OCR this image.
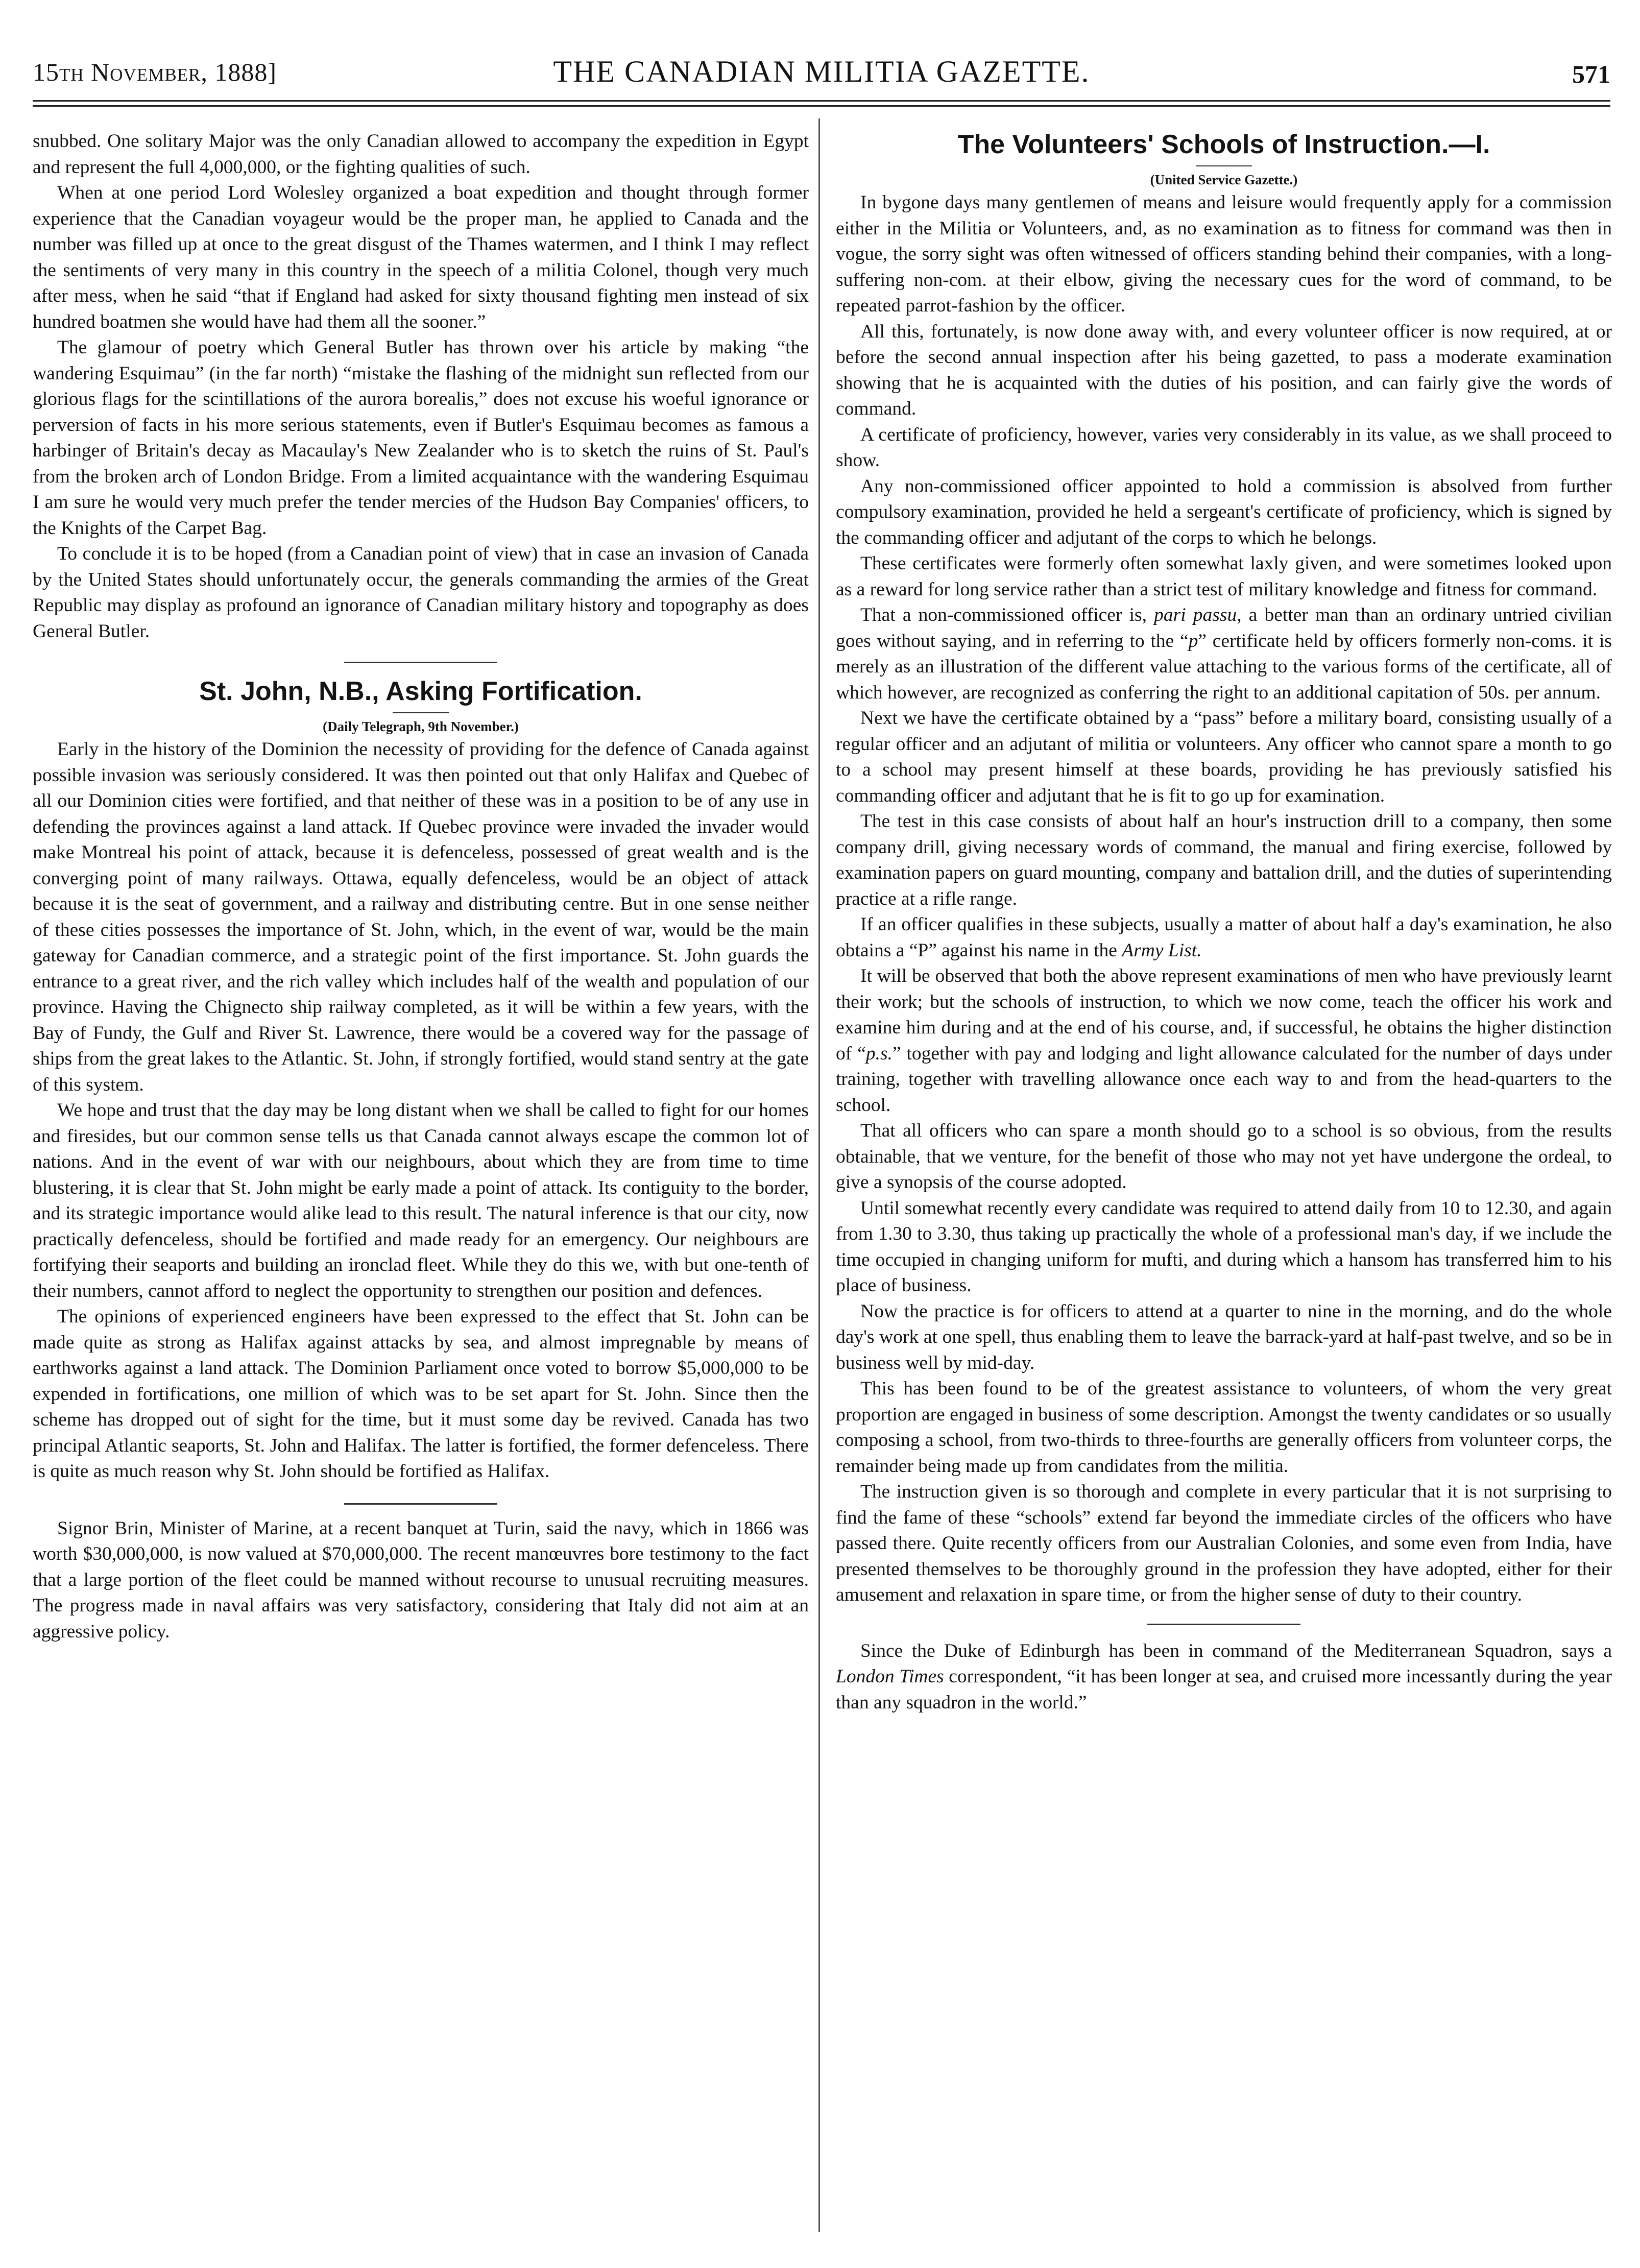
15th November, 1888]	THE CANADIAN MILITIA GAZETTE.	571

snubbed. One solitary Major was the only Canadian allowed to accompany the expedition in Egypt and represent the full 4,000,000, or the fighting qualities of such.

When at one period Lord Wolesley organized a boat expedition and thought through former experience that the Canadian voyageur would be the proper man, he applied to Canada and the number was filled up at once to the great disgust of the Thames watermen, and I think I may reflect the sentiments of very many in this country in the speech of a militia Colonel, though very much after mess, when he said “that if England had asked for sixty thousand fighting men instead of six hundred boatmen she would have had them all the sooner.”

The glamour of poetry which General Butler has thrown over his article by making “the wandering Esquimau” (in the far north) “mistake the flashing of the midnight sun reflected from our glorious flags for the scintillations of the aurora borealis,” does not excuse his woeful ignorance or perversion of facts in his more serious statements, even if Butler's Esquimau becomes as famous a harbinger of Britain's decay as Macaulay's New Zealander who is to sketch the ruins of St. Paul's from the broken arch of London Bridge. From a limited acquaintance with the wandering Esquimau I am sure he would very much prefer the tender mercies of the Hudson Bay Companies' officers, to the Knights of the Carpet Bag.

To conclude it is to be hoped (from a Canadian point of view) that in case an invasion of Canada by the United States should unfortunately occur, the generals commanding the armies of the Great Republic may display as profound an ignorance of Canadian military history and topography as does General Butler.

St. John, N.B., Asking Fortification.
(Daily Telegraph, 9th November.)

Early in the history of the Dominion the necessity of providing for the defence of Canada against possible invasion was seriously considered. It was then pointed out that only Halifax and Quebec of all our Dominion cities were fortified, and that neither of these was in a position to be of any use in defending the provinces against a land attack. If Quebec province were invaded the invader would make Montreal his point of attack, because it is defenceless, possessed of great wealth and is the converging point of many railways. Ottawa, equally defenceless, would be an object of attack because it is the seat of government, and a railway and distributing centre. But in one sense neither of these cities possesses the importance of St. John, which, in the event of war, would be the main gateway for Canadian commerce, and a strategic point of the first importance. St. John guards the entrance to a great river, and the rich valley which includes half of the wealth and population of our province. Having the Chignecto ship railway completed, as it will be within a few years, with the Bay of Fundy, the Gulf and River St. Lawrence, there would be a covered way for the passage of ships from the great lakes to the Atlantic. St. John, if strongly fortified, would stand sentry at the gate of this system.

We hope and trust that the day may be long distant when we shall be called to fight for our homes and firesides, but our common sense tells us that Canada cannot always escape the common lot of nations. And in the event of war with our neighbours, about which they are from time to time blustering, it is clear that St. John might be early made a point of attack. Its contiguity to the border, and its strategic importance would alike lead to this result. The natural inference is that our city, now practically defenceless, should be fortified and made ready for an emergency. Our neighbours are fortifying their seaports and building an ironclad fleet. While they do this we, with but one-tenth of their numbers, cannot afford to neglect the opportunity to strengthen our position and defences.

The opinions of experienced engineers have been expressed to the effect that St. John can be made quite as strong as Halifax against attacks by sea, and almost impregnable by means of earthworks against a land attack. The Dominion Parliament once voted to borrow $5,000,000 to be expended in fortifications, one million of which was to be set apart for St. John. Since then the scheme has dropped out of sight for the time, but it must some day be revived. Canada has two principal Atlantic seaports, St. John and Halifax. The latter is fortified, the former defenceless. There is quite as much reason why St. John should be fortified as Halifax.

Signor Brin, Minister of Marine, at a recent banquet at Turin, said the navy, which in 1866 was worth $30,000,000, is now valued at $70,000,000. The recent manœuvres bore testimony to the fact that a large portion of the fleet could be manned without recourse to unusual recruiting measures. The progress made in naval affairs was very satisfactory, considering that Italy did not aim at an aggressive policy.

The Volunteers' Schools of Instruction.—I.
(United Service Gazette.)

In bygone days many gentlemen of means and leisure would frequently apply for a commission either in the Militia or Volunteers, and, as no examination as to fitness for command was then in vogue, the sorry sight was often witnessed of officers standing behind their companies, with a long-suffering non-com. at their elbow, giving the necessary cues for the word of command, to be repeated parrot-fashion by the officer.

All this, fortunately, is now done away with, and every volunteer officer is now required, at or before the second annual inspection after his being gazetted, to pass a moderate examination showing that he is acquainted with the duties of his position, and can fairly give the words of command.

A certificate of proficiency, however, varies very considerably in its value, as we shall proceed to show.

Any non-commissioned officer appointed to hold a commission is absolved from further compulsory examination, provided he held a sergeant's certificate of proficiency, which is signed by the commanding officer and adjutant of the corps to which he belongs.

These certificates were formerly often somewhat laxly given, and were sometimes looked upon as a reward for long service rather than a strict test of military knowledge and fitness for command.

That a non-commissioned officer is, pari passu, a better man than an ordinary untried civilian goes without saying, and in referring to the “p” certificate held by officers formerly non-coms. it is merely as an illustration of the different value attaching to the various forms of the certificate, all of which however, are recognized as conferring the right to an additional capitation of 50s. per annum.

Next we have the certificate obtained by a “pass” before a military board, consisting usually of a regular officer and an adjutant of militia or volunteers. Any officer who cannot spare a month to go to a school may present himself at these boards, providing he has previously satisfied his commanding officer and adjutant that he is fit to go up for examination.

The test in this case consists of about half an hour's instruction drill to a company, then some company drill, giving necessary words of command, the manual and firing exercise, followed by examination papers on guard mounting, company and battalion drill, and the duties of superintending practice at a rifle range.

If an officer qualifies in these subjects, usually a matter of about half a day's examination, he also obtains a “P” against his name in the Army List.

It will be observed that both the above represent examinations of men who have previously learnt their work; but the schools of instruction, to which we now come, teach the officer his work and examine him during and at the end of his course, and, if successful, he obtains the higher distinction of “p.s.” together with pay and lodging and light allowance calculated for the number of days under training, together with travelling allowance once each way to and from the head-quarters to the school.

That all officers who can spare a month should go to a school is so obvious, from the results obtainable, that we venture, for the benefit of those who may not yet have undergone the ordeal, to give a synopsis of the course adopted.

Until somewhat recently every candidate was required to attend daily from 10 to 12.30, and again from 1.30 to 3.30, thus taking up practically the whole of a professional man's day, if we include the time occupied in changing uniform for mufti, and during which a hansom has transferred him to his place of business.

Now the practice is for officers to attend at a quarter to nine in the morning, and do the whole day's work at one spell, thus enabling them to leave the barrack-yard at half-past twelve, and so be in business well by mid-day.

This has been found to be of the greatest assistance to volunteers, of whom the very great proportion are engaged in business of some description. Amongst the twenty candidates or so usually composing a school, from two-thirds to three-fourths are generally officers from volunteer corps, the remainder being made up from candidates from the militia.

The instruction given is so thorough and complete in every particular that it is not surprising to find the fame of these “schools” extend far beyond the immediate circles of the officers who have passed there. Quite recently officers from our Australian Colonies, and some even from India, have presented themselves to be thoroughly ground in the profession they have adopted, either for their amusement and relaxation in spare time, or from the higher sense of duty to their country.

Since the Duke of Edinburgh has been in command of the Mediterranean Squadron, says a London Times correspondent, “it has been longer at sea, and cruised more incessantly during the year than any squadron in the world.”
